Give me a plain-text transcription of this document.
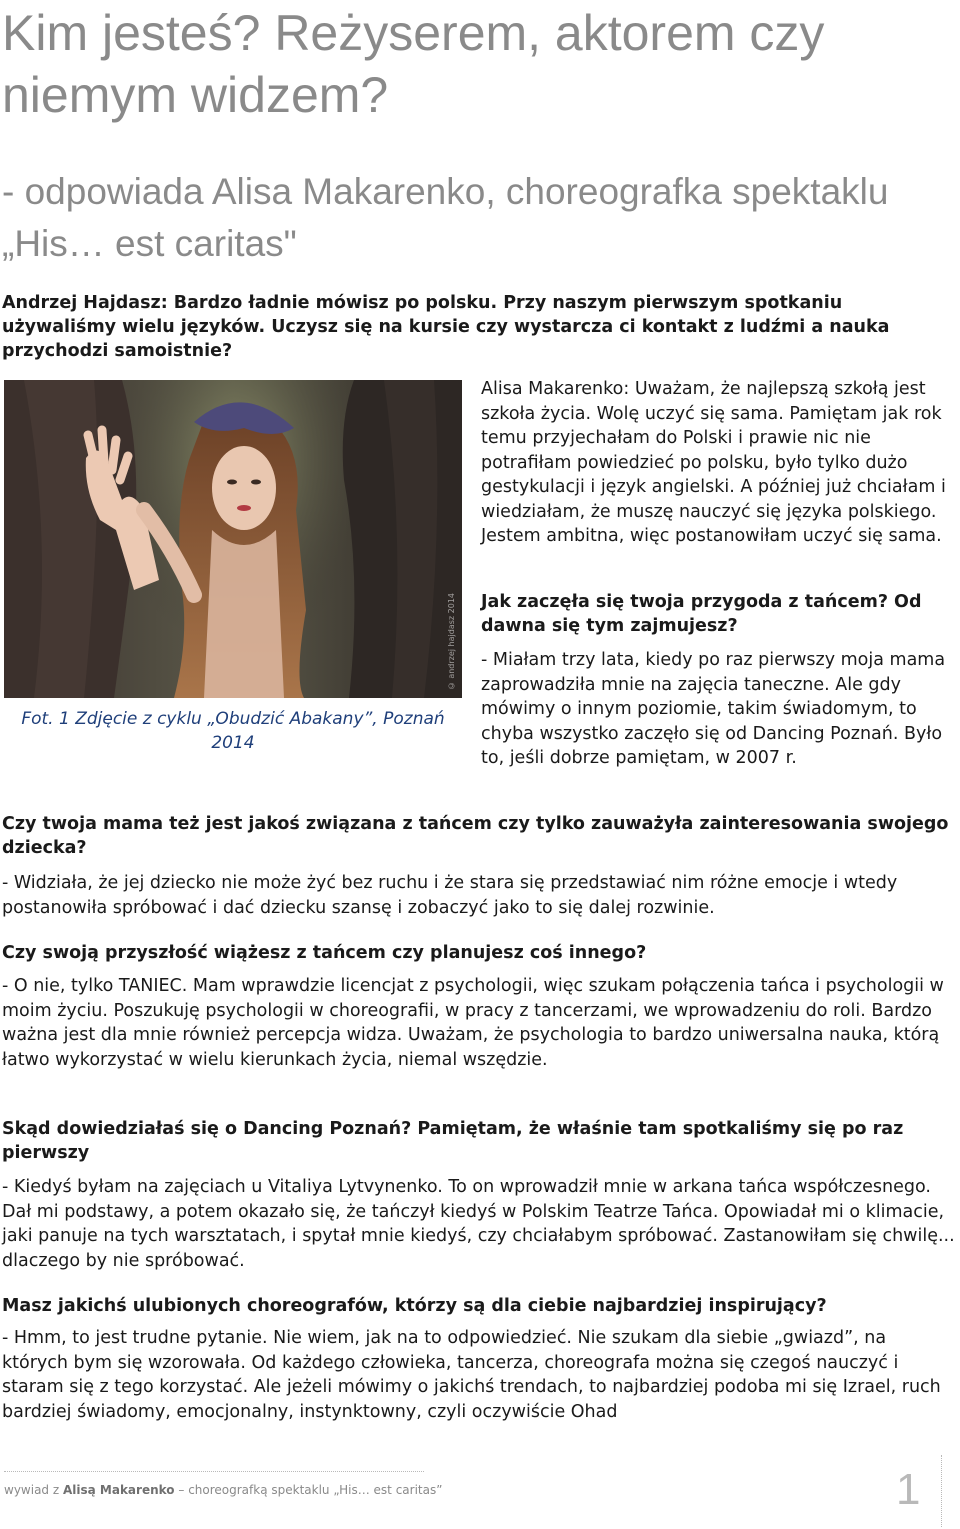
Kim jesteś? Reżyserem, aktorem czy niemym widzem?
- odpowiada Alisa Makarenko, choreografka spektaklu „His… est caritas"

Andrzej Hajdasz: Bardzo ładnie mówisz po polsku. Przy naszym pierwszym spotkaniu używaliśmy wielu języków. Uczysz się na kursie czy wystarcza ci kontakt z ludźmi a nauka przychodzi samoistnie?

© andrzej hajdasz 2014

Fot. 1 Zdjęcie z cyklu „Obudzić Abakany”, Poznań 2014

Alisa Makarenko: Uważam, że najlepszą szkołą jest szkoła życia. Wolę uczyć się sama. Pamiętam jak rok temu przyjechałam do Polski i prawie nic nie potrafiłam powiedzieć po polsku, było tylko dużo gestykulacji i język angielski. A później już chciałam i wiedziałam, że muszę nauczyć się języka polskiego. Jestem ambitna, więc postanowiłam uczyć się sama.

Jak zaczęła się twoja przygoda z tańcem? Od dawna się tym zajmujesz?

- Miałam trzy lata, kiedy po raz pierwszy moja mama zaprowadziła mnie na zajęcia taneczne. Ale gdy mówimy o innym poziomie, takim świadomym, to chyba wszystko zaczęło się od Dancing Poznań. Było to, jeśli dobrze pamiętam, w 2007 r.

Czy twoja mama też jest jakoś związana z tańcem czy tylko zauważyła zainteresowania swojego dziecka?

- Widziała, że jej dziecko nie może żyć bez ruchu i że stara się przedstawiać nim różne emocje i wtedy postanowiła spróbować i dać dziecku szansę i zobaczyć jako to się dalej rozwinie.

Czy swoją przyszłość wiążesz z tańcem czy planujesz coś innego?

- O nie, tylko TANIEC. Mam wprawdzie licencjat z psychologii, więc szukam połączenia tańca i psychologii w moim życiu. Poszukuję psychologii w choreografii, w pracy z tancerzami, we wprowadzeniu do roli. Bardzo ważna jest dla mnie również percepcja widza. Uważam, że psychologia to bardzo uniwersalna nauka, którą łatwo wykorzystać w wielu kierunkach życia, niemal wszędzie.

Skąd dowiedziałaś się o Dancing Poznań? Pamiętam, że właśnie tam spotkaliśmy się po raz pierwszy

- Kiedyś byłam na zajęciach u Vitaliya Lytvynenko. To on wprowadził mnie w arkana tańca współczesnego. Dał mi podstawy, a potem okazało się, że tańczył kiedyś w Polskim Teatrze Tańca. Opowiadał mi o klimacie, jaki panuje na tych warsztatach, i spytał mnie kiedyś, czy chciałabym spróbować. Zastanowiłam się chwilę... dlaczego by nie spróbować.

Masz jakichś ulubionych choreografów, którzy są dla ciebie najbardziej inspirujący?

- Hmm, to jest trudne pytanie. Nie wiem, jak na to odpowiedzieć. Nie szukam dla siebie „gwiazd”, na których bym się wzorowała. Od każdego człowieka, tancerza, choreografa można się czegoś nauczyć i staram się z tego korzystać. Ale jeżeli mówimy o jakichś trendach, to najbardziej podoba mi się Izrael, ruch bardziej świadomy, emocjonalny, instynktowny, czyli oczywiście Ohad

wywiad z Alisą Makarenko – choreografką spektaklu „His… est caritas”	1
